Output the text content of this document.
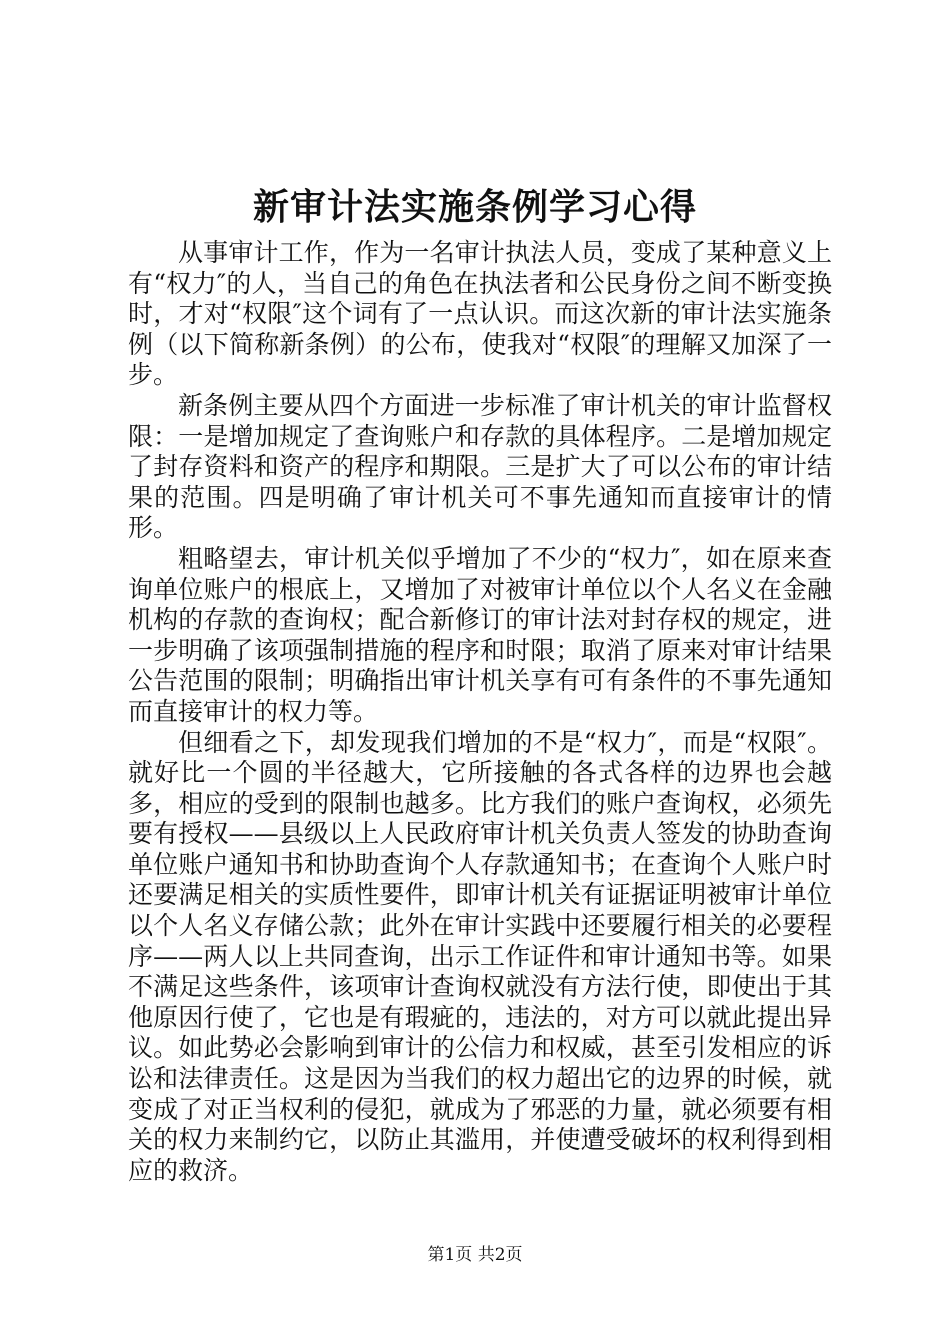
新审计法实施条例学习心得

从事审计工作，作为一名审计执法人员，变成了某种意义上有“权力″的人，当自己的角色在执法者和公民身份之间不断变换时，才对“权限″这个词有了一点认识。而这次新的审计法实施条例（以下简称新条例）的公布，使我对“权限″的理解又加深了一步。

新条例主要从四个方面进一步标准了审计机关的审计监督权限：一是增加规定了查询账户和存款的具体程序。二是增加规定了封存资料和资产的程序和期限。三是扩大了可以公布的审计结果的范围。四是明确了审计机关可不事先通知而直接审计的情形。

粗略望去，审计机关似乎增加了不少的“权力″，如在原来查询单位账户的根底上，又增加了对被审计单位以个人名义在金融机构的存款的查询权；配合新修订的审计法对封存权的规定，进一步明确了该项强制措施的程序和时限；取消了原来对审计结果公告范围的限制；明确指出审计机关享有可有条件的不事先通知而直接审计的权力等。

但细看之下，却发现我们增加的不是“权力″，而是“权限″。就好比一个圆的半径越大，它所接触的各式各样的边界也会越多，相应的受到的限制也越多。比方我们的账户查询权，必须先要有授权——县级以上人民政府审计机关负责人签发的协助查询单位账户通知书和协助查询个人存款通知书；在查询个人账户时还要满足相关的实质性要件，即审计机关有证据证明被审计单位以个人名义存储公款；此外在审计实践中还要履行相关的必要程序——两人以上共同查询，出示工作证件和审计通知书等。如果不满足这些条件，该项审计查询权就没有方法行使，即使出于其他原因行使了，它也是有瑕疵的，违法的，对方可以就此提出异议。如此势必会影响到审计的公信力和权威，甚至引发相应的诉讼和法律责任。这是因为当我们的权力超出它的边界的时候，就变成了对正当权利的侵犯，就成为了邪恶的力量，就必须要有相关的权力来制约它，以防止其滥用，并使遭受破坏的权利得到相应的救济。

第1页 共2页
